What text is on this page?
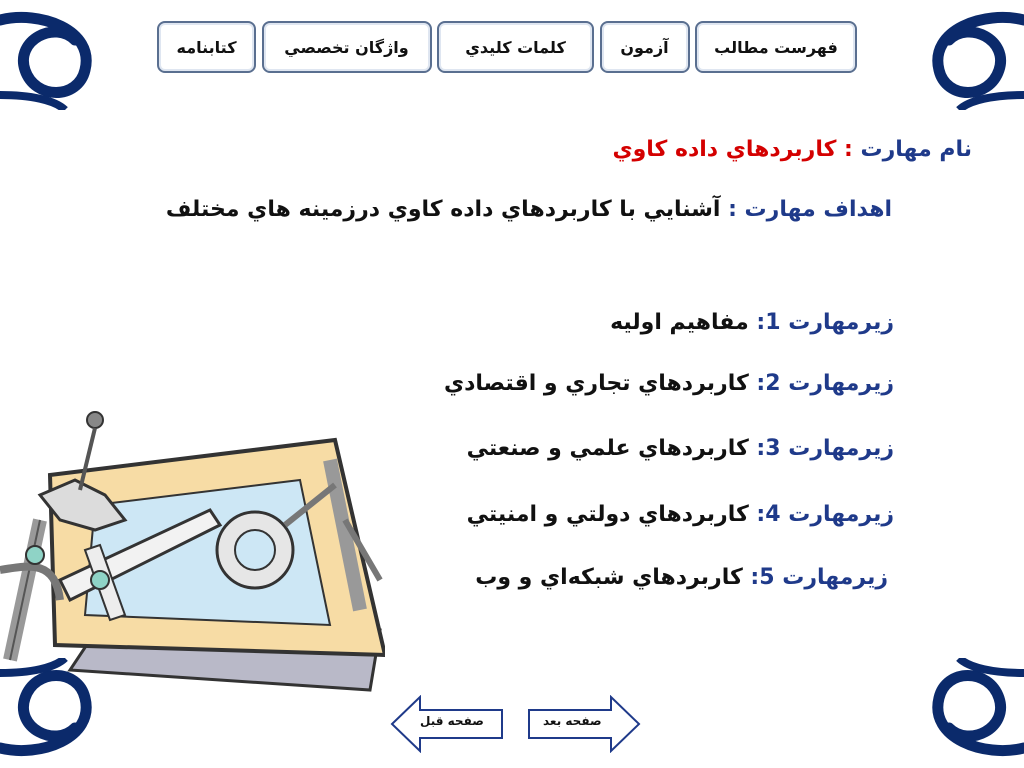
فهرست مطالب
آزمون
كلمات كليدي
واژگان تخصصي
كتابنامه
نام مهارت : كاربردهاي داده كاوي
اهداف مهارت : آشنايي با كاربردهاي داده كاوي درزمينه هاي مختلف
زيرمهارت 1: مفاهيم اوليه
زيرمهارت 2: كاربردهاي تجاري و اقتصادي
زيرمهارت 3: كاربردهاي علمي و صنعتي
زيرمهارت 4: كاربردهاي دولتي و امنيتي
زيرمهارت 5: كاربردهاي شبكه‌اي و وب
صفحه قبل	صفحه بعد
